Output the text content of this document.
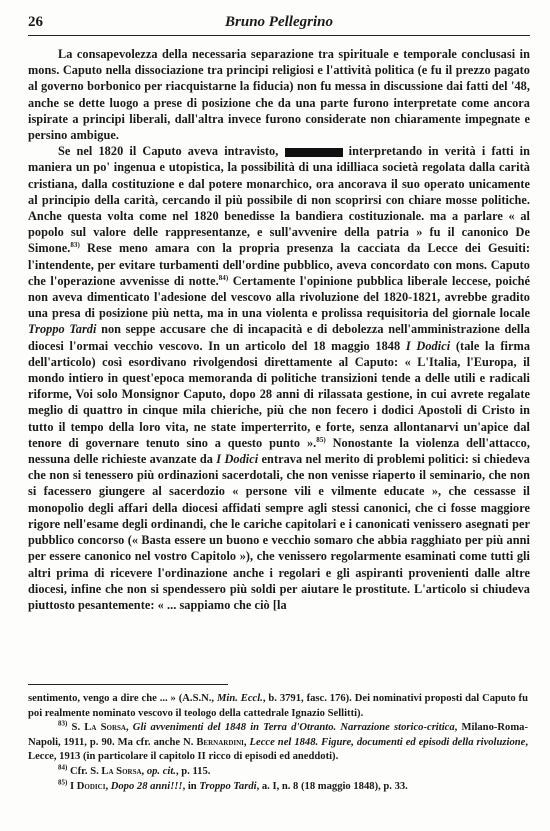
26	Bruno Pellegrino

La consapevolezza della necessaria separazione tra spirituale e temporale conclusasi in mons. Caputo nella dissociazione tra principi religiosi e l'attività politica (e fu il prezzo pagato al governo borbonico per riacquistarne la fiducia) non fu messa in discussione dai fatti del '48, anche se dette luogo a prese di posizione che da una parte furono interpretate come ancora ispirate a principi liberali, dall'altra invece furono considerate non chiaramente impegnate e persino ambigue.

Se nel 1820 il Caputo aveva intravisto,	interpretando in verità i fatti in maniera un po' ingenua e utopistica, la possibilità di una idilliaca società regolata dalla carità cristiana, dalla costituzione e dal potere monarchico, ora ancorava il suo operato unicamente al principio della carità, cercando il più possibile di non scoprirsi con chiare mosse politiche. Anche questa volta come nel 1820 benedisse la bandiera costituzionale. ma a parlare « al popolo sul valore delle rappresentanze, e sull'avvenire della patria » fu il canonico De Simone.$^{83)}$ Rese meno amara con la propria presenza la cacciata da Lecce dei Gesuiti: l'intendente, per evitare turbamenti dell'ordine pubblico, aveva concordato con mons. Caputo che l'operazione avvenisse di notte.$^{84)}$ Certamente l'opinione pubblica liberale leccese, poiché non aveva dimenticato l'adesione del vescovo alla rivoluzione del 1820-1821, avrebbe gradito una presa di posizione più netta, ma in una violenta e prolissa requisitoria del giornale locale Troppo Tardi non seppe accusare che di incapacità e di debolezza nell'amministrazione della diocesi l'ormai vecchio vescovo. In un articolo del 18 maggio 1848 I Dodici (tale la firma dell'articolo) così esordivano rivolgendosi direttamente al Caputo: « L'Italia, l'Europa, il mondo intiero in quest'epoca memoranda di politiche transizioni tende a delle utili e radicali riforme, Voi solo Monsignor Caputo, dopo 28 anni di rilassata gestione, in cui avrete regalate meglio di quattro in cinque mila chieriche, più che non fecero i dodici Apostoli di Cristo in tutto il tempo della loro vita, ne state imperterrito, e forte, senza allontanarvi un'apice dal tenore di governare tenuto sino a questo punto ».$^{85)}$ Nonostante la violenza dell'attacco, nessuna delle richieste avanzate da I Dodici entrava nel merito di problemi politici: si chiedeva che non si tenessero più ordinazioni sacerdotali, che non venisse riaperto il seminario, che non si facessero giungere al sacerdozio « persone vili e vilmente educate », che cessasse il monopolio degli affari della diocesi affidati sempre agli stessi canonici, che ci fosse maggiore rigore nell'esame degli ordinandi, che le cariche capitolari e i canonicati venissero asegnati per pubblico concorso (« Basta essere un buono e vecchio somaro che abbia ragghiato per più anni per essere canonico nel vostro Capitolo »), che venissero regolarmente esaminati come tutti gli altri prima di ricevere l'ordinazione anche i regolari e gli aspiranti provenienti dalle altre diocesi, infine che non si spendessero più soldi per aiutare le prostitute. L'articolo si chiudeva piuttosto pesantemente: « ... sappiamo che ciò [la

sentimento, vengo a dire che ... » (A.S.N., Min. Eccl., b. 3791, fasc. 176). Dei nominativi proposti dal Caputo fu poi realmente nominato vescovo il teologo della cattedrale Ignazio Sellitti).

$^{83)}$ S. La Sorsa, Gli avvenimenti del 1848 in Terra d'Otranto. Narrazione storico-critica, Milano-Roma-Napoli, 1911, p. 90. Ma cfr. anche N. Bernardini, Lecce nel 1848. Figure, documenti ed episodi della rivoluzione, Lecce, 1913 (in particolare il capitolo II ricco di episodi ed aneddoti).

$^{84)}$ Cfr. S. La Sorsa, op. cit., p. 115.

$^{85)}$ I Dodici, Dopo 28 anni!!!, in Troppo Tardi, a. I, n. 8 (18 maggio 1848), p. 33.
